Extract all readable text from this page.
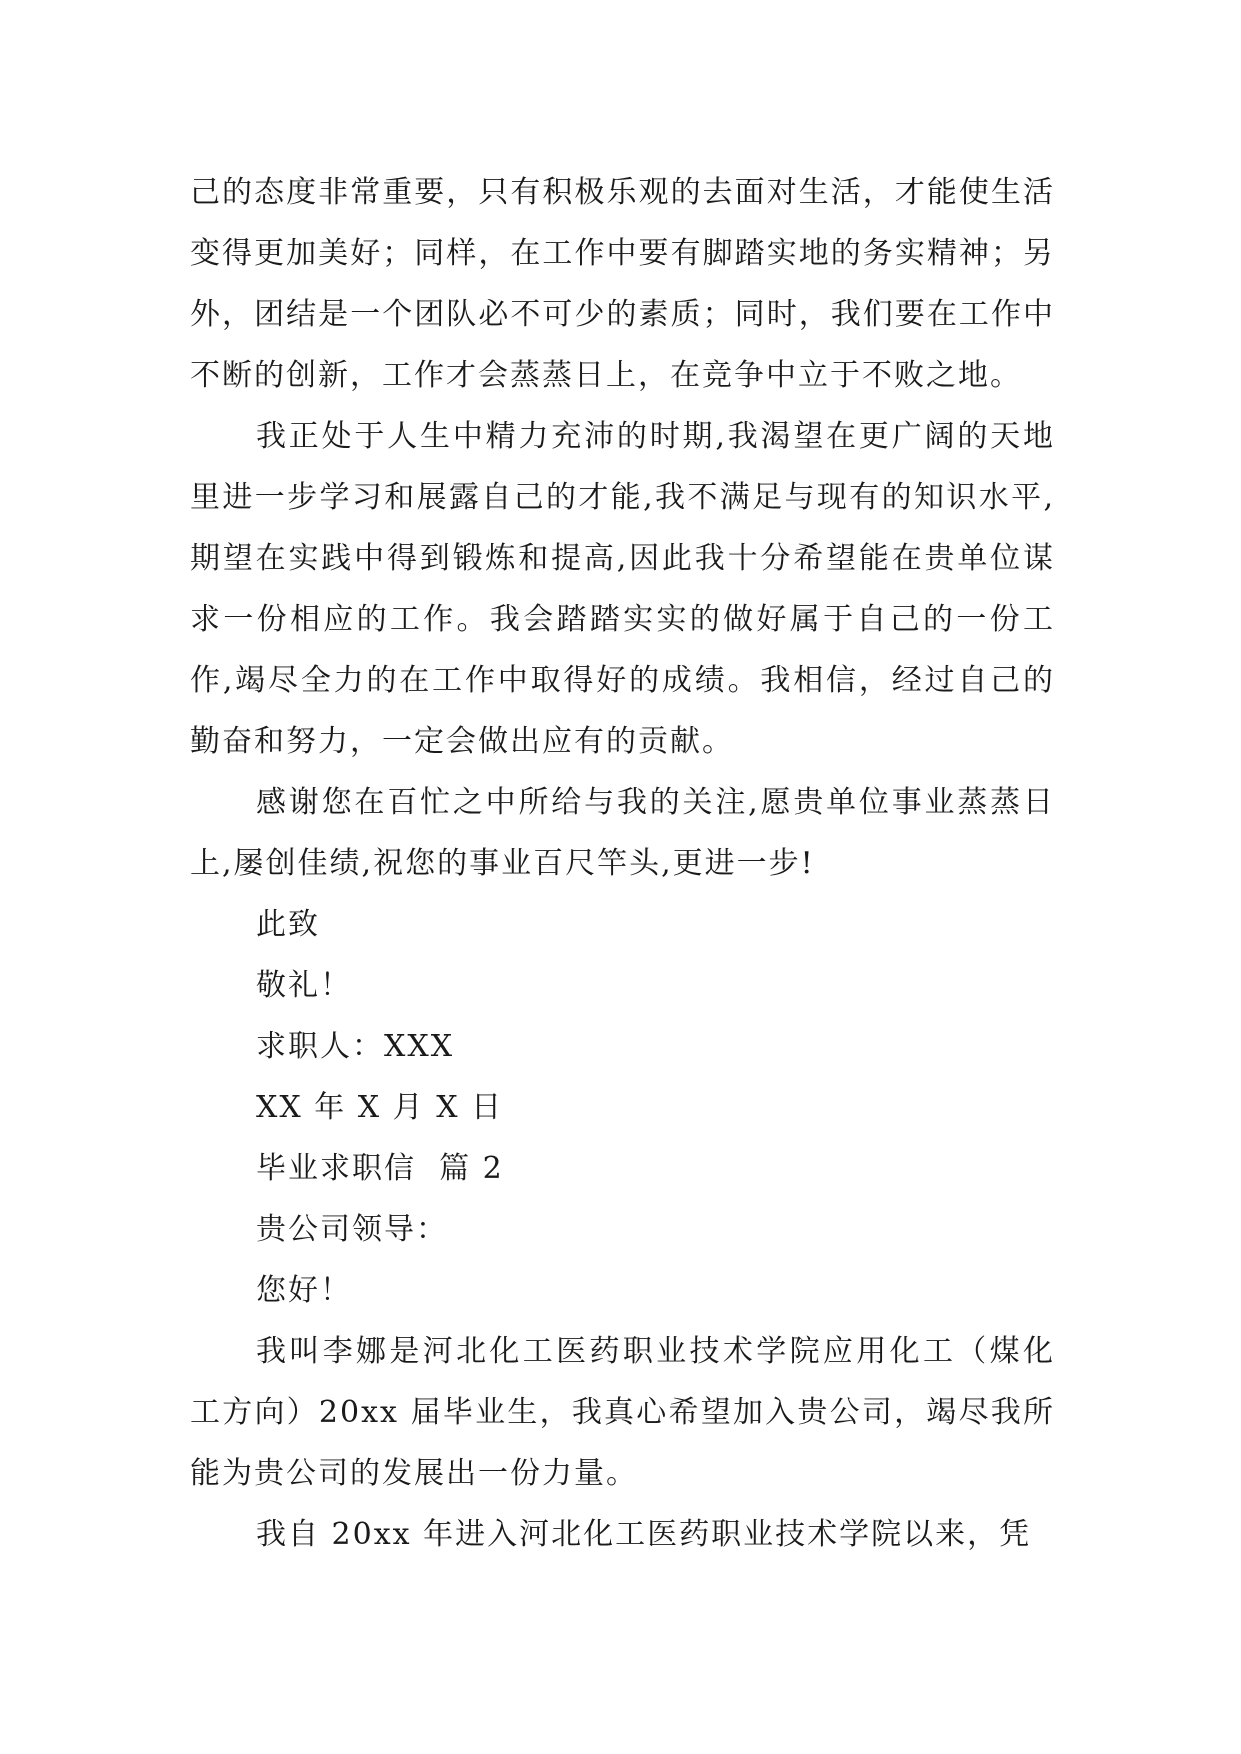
己的态度非常重要，只有积极乐观的去面对生活，才能使生活变得更加美好；同样，在工作中要有脚踏实地的务实精神；另外，团结是一个团队必不可少的素质；同时，我们要在工作中不断的创新，工作才会蒸蒸日上，在竞争中立于不败之地。

我正处于人生中精力充沛的时期,我渴望在更广阔的天地里进一步学习和展露自己的才能,我不满足与现有的知识水平,期望在实践中得到锻炼和提高,因此我十分希望能在贵单位谋求一份相应的工作。我会踏踏实实的做好属于自己的一份工作,竭尽全力的在工作中取得好的成绩。我相信，经过自己的勤奋和努力，一定会做出应有的贡献。

感谢您在百忙之中所给与我的关注,愿贵单位事业蒸蒸日上,屡创佳绩,祝您的事业百尺竿头,更进一步!

此致
敬礼！
求职人：XXX
XX 年 X 月 X 日
毕业求职信  篇 2
贵公司领导：
您好！

我叫李娜是河北化工医药职业技术学院应用化工（煤化工方向）20xx 届毕业生，我真心希望加入贵公司，竭尽我所能为贵公司的发展出一份力量。

我自 20xx 年进入河北化工医药职业技术学院以来，凭
